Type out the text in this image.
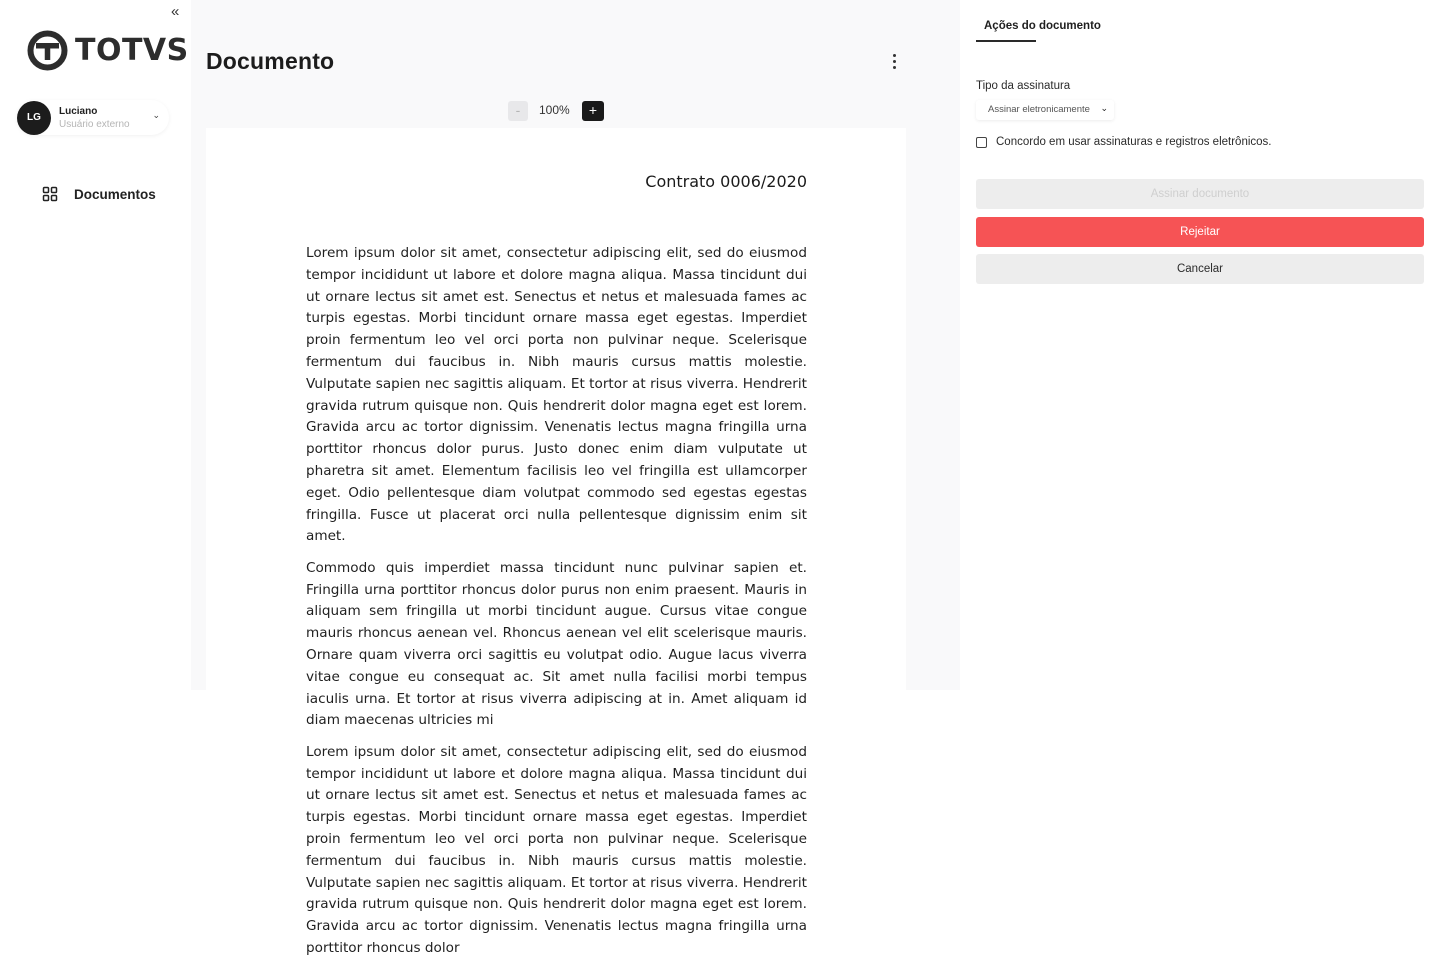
«
TOTVS
LG
Luciano
Usuário externo
⌄
Documentos
Documento
-	100%	+
Contrato 0006/2020

Lorem ipsum dolor sit amet, consectetur adipiscing elit, sed do eiusmod tempor incididunt ut labore et dolore magna aliqua. Massa tincidunt dui ut ornare lectus sit amet est. Senectus et netus et malesuada fames ac turpis egestas. Morbi tincidunt ornare massa eget egestas. Imperdiet proin fermentum leo vel orci porta non pulvinar neque. Scelerisque fermentum dui faucibus in. Nibh mauris cursus mattis molestie. Vulputate sapien nec sagittis aliquam. Et tortor at risus viverra. Hendrerit gravida rutrum quisque non. Quis hendrerit dolor magna eget est lorem. Gravida arcu ac tortor dignissim. Venenatis lectus magna fringilla urna porttitor rhoncus dolor purus. Justo donec enim diam vulputate ut pharetra sit amet. Elementum facilisis leo vel fringilla est ullamcorper eget. Odio pellentesque diam volutpat commodo sed egestas egestas fringilla. Fusce ut placerat orci nulla pellentesque dignissim enim sit amet.

Commodo quis imperdiet massa tincidunt nunc pulvinar sapien et. Fringilla urna porttitor rhoncus dolor purus non enim praesent. Mauris in aliquam sem fringilla ut morbi tincidunt augue. Cursus vitae congue mauris rhoncus aenean vel. Rhoncus aenean vel elit scelerisque mauris. Ornare quam viverra orci sagittis eu volutpat odio. Augue lacus viverra vitae congue eu consequat ac. Sit amet nulla facilisi morbi tempus iaculis urna. Et tortor at risus viverra adipiscing at in. Amet aliquam id diam maecenas ultricies mi

Lorem ipsum dolor sit amet, consectetur adipiscing elit, sed do eiusmod tempor incididunt ut labore et dolore magna aliqua. Massa tincidunt dui ut ornare lectus sit amet est. Senectus et netus et malesuada fames ac turpis egestas. Morbi tincidunt ornare massa eget egestas. Imperdiet proin fermentum leo vel orci porta non pulvinar neque. Scelerisque fermentum dui faucibus in. Nibh mauris cursus mattis molestie. Vulputate sapien nec sagittis aliquam. Et tortor at risus viverra. Hendrerit gravida rutrum quisque non. Quis hendrerit dolor magna eget est lorem. Gravida arcu ac tortor dignissim. Venenatis lectus magna fringilla urna porttitor rhoncus dolor

Ações do documento
Tipo da assinatura
Assinar eletronicamente ⌄
Concordo em usar assinaturas e registros eletrônicos.
Assinar documento
Rejeitar
Cancelar
